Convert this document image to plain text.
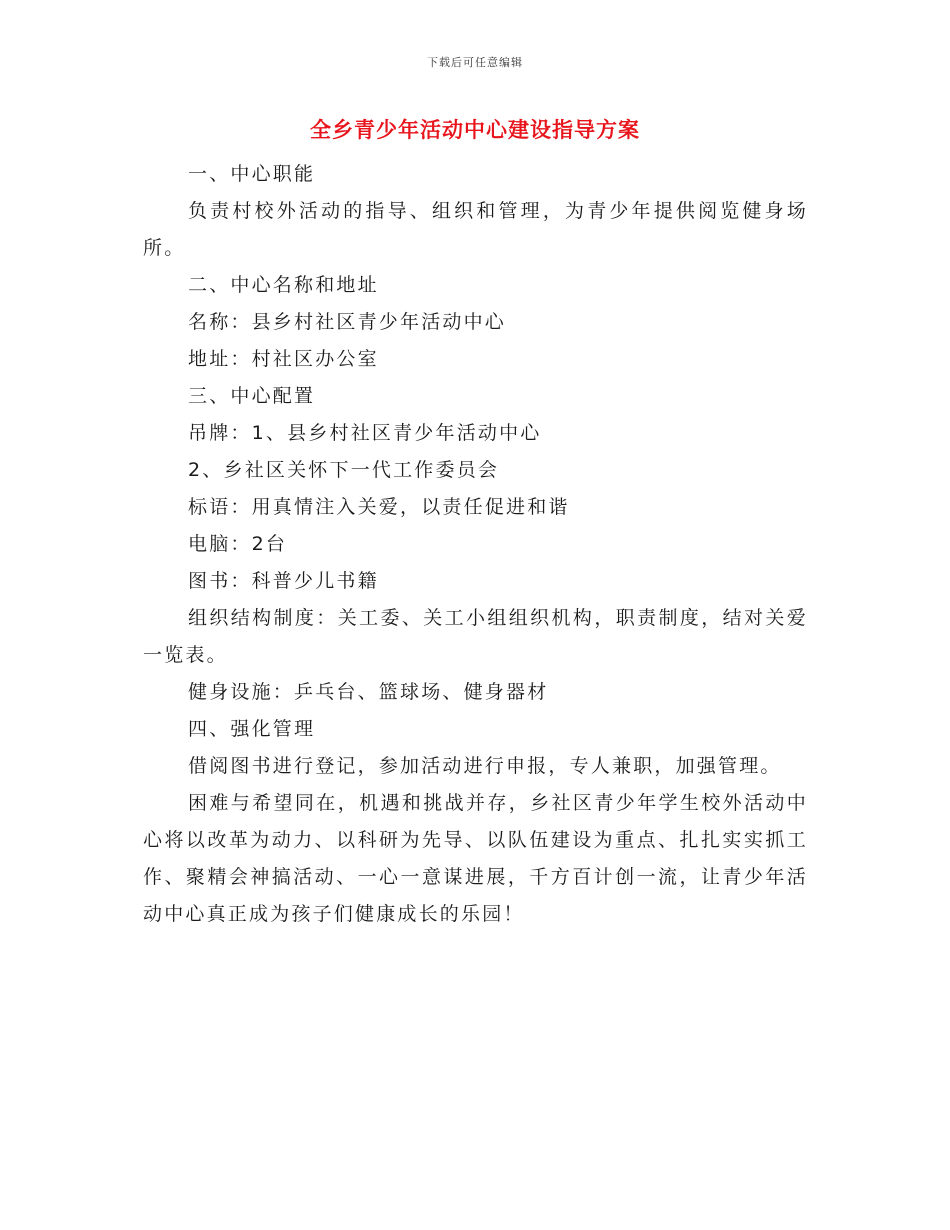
下载后可任意编辑
全乡青少年活动中心建设指导方案
一、中心职能
负责村校外活动的指导、组织和管理，为青少年提供阅览健身场所。
二、中心名称和地址
名称：县乡村社区青少年活动中心
地址：村社区办公室
三、中心配置
吊牌：1、县乡村社区青少年活动中心
2、乡社区关怀下一代工作委员会
标语：用真情注入关爱，以责任促进和谐
电脑：2台
图书：科普少儿书籍
组织结构制度：关工委、关工小组组织机构，职责制度，结对关爱一览表。
健身设施：乒乓台、篮球场、健身器材
四、强化管理
借阅图书进行登记，参加活动进行申报，专人兼职，加强管理。
困难与希望同在，机遇和挑战并存，乡社区青少年学生校外活动中心将以改革为动力、以科研为先导、以队伍建设为重点、扎扎实实抓工作、聚精会神搞活动、一心一意谋进展，千方百计创一流，让青少年活动中心真正成为孩子们健康成长的乐园！
